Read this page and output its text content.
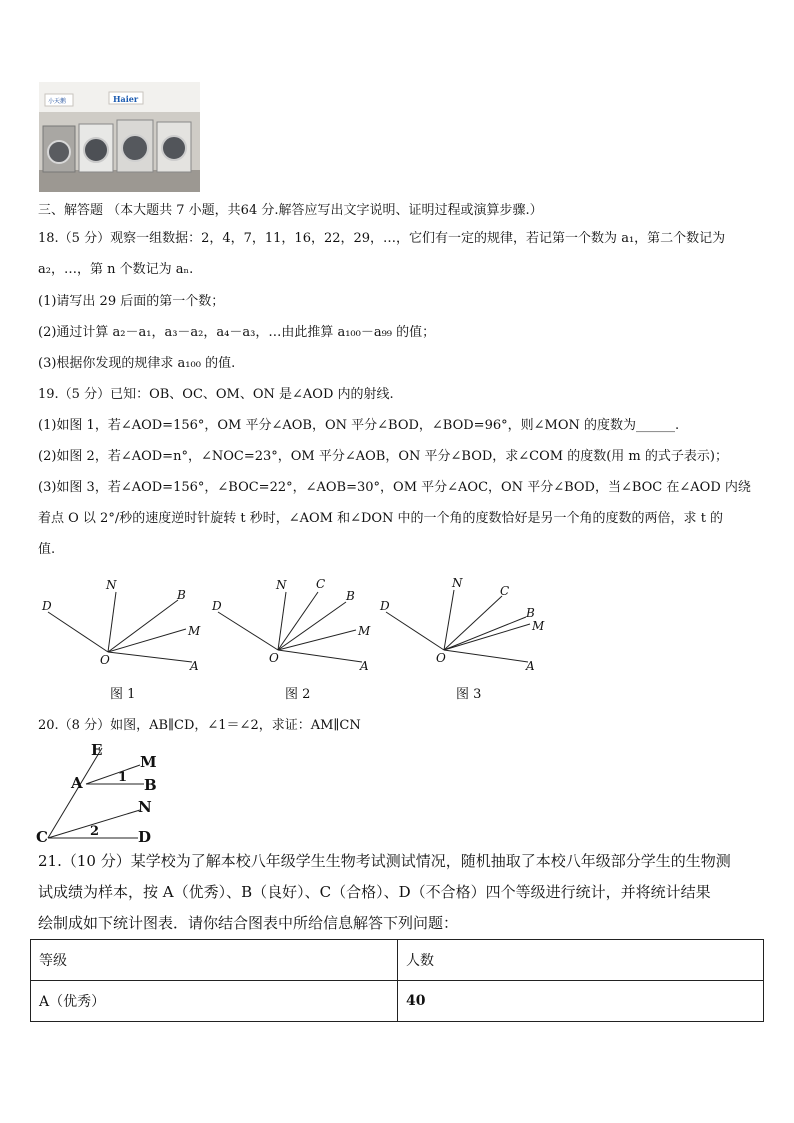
小天鹅	Haier
三、解答题 （本大题共 7 小题，共64 分.解答应写出文字说明、证明过程或演算步骤.）
18.（5 分）观察一组数据：2，4，7，11，16，22，29，…，它们有一定的规律，若记第一个数为 a₁，第二个数记为
a₂，…，第 n 个数记为 aₙ.
(1)请写出 29 后面的第一个数；
(2)通过计算 a₂－a₁，a₃－a₂，a₄－a₃，…由此推算 a₁₀₀－a₉₉ 的值；
(3)根据你发现的规律求 a₁₀₀ 的值.
19.（5 分）已知：OB、OC、OM、ON 是∠AOD 内的射线.
(1)如图 1，若∠AOD=156°，OM 平分∠AOB，ON 平分∠BOD，∠BOD=96°，则∠MON 的度数为______.
(2)如图 2，若∠AOD=n°，∠NOC=23°，OM 平分∠AOB，ON 平分∠BOD，求∠COM 的度数(用 m 的式子表示)；
(3)如图 3，若∠AOD=156°，∠BOC=22°，∠AOB=30°，OM 平分∠AOC，ON 平分∠BOD，当∠BOC 在∠AOD 内绕
着点 O 以 2°/秒的速度逆时针旋转 t 秒时，∠AOM 和∠DON 中的一个角的度数恰好是另一个角的度数的两倍，求 t 的
值.
D
N
B
M
O	A
D
N C
B
M
O
A
D
N
C
B
M
O
A
图 1	图 2	图 3
20.（8 分）如图，AB∥CD，∠1＝∠2，求证：AM∥CN
E
M
A	1 B
N
C	2	D
21.（10 分）某学校为了解本校八年级学生生物考试测试情况，随机抽取了本校八年级部分学生的生物测
试成绩为样本，按 A（优秀）、B（良好）、C（合格）、D（不合格）四个等级进行统计，并将统计结果
绘制成如下统计图表．请你结合图表中所给信息解答下列问题：
等级	人数
A（优秀）	40
